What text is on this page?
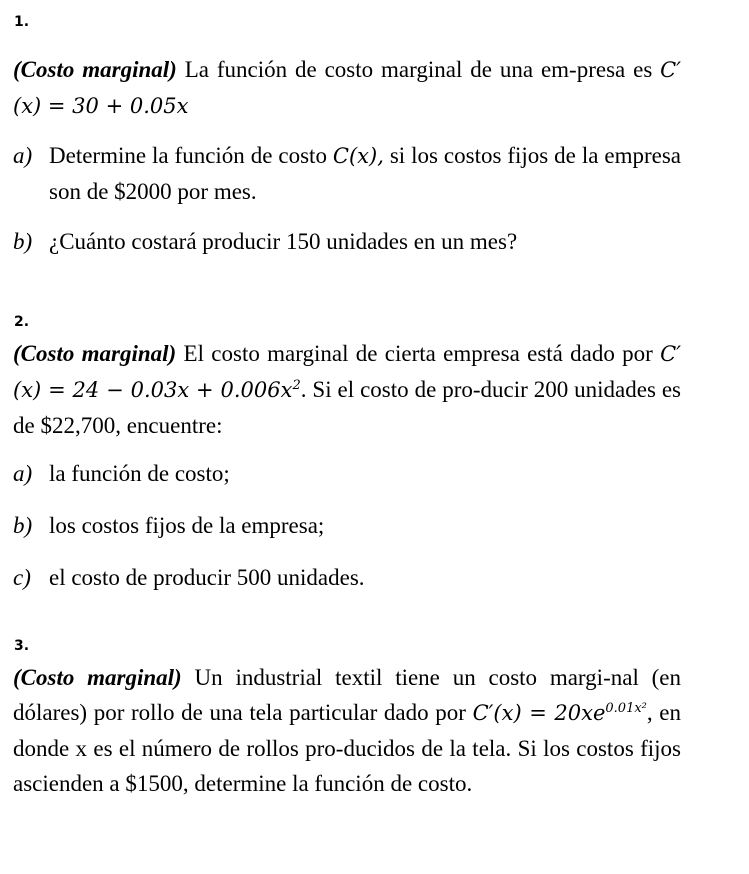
1.
(Costo marginal) La función de costo marginal de una em-presa es C′(x) = 30 + 0.05x
a) Determine la función de costo C(x), si los costos fijos de la empresa son de $2000 por mes.
b) ¿Cuánto costará producir 150 unidades en un mes?
2.
(Costo marginal) El costo marginal de cierta empresa está dado por $C'(x) = 24 - 0.03x + 0.006x^2$. Si el costo de pro-ducir 200 unidades es de $22,700, encuentre:
a) la función de costo;
b) los costos fijos de la empresa;
c) el costo de producir 500 unidades.
3.
(Costo marginal) Un industrial textil tiene un costo margi-nal (en dólares) por rollo de una tela particular dado por $C'(x) = 20xe^{0.01x^2}$, en donde x es el número de rollos pro-ducidos de la tela. Si los costos fijos ascienden a $1500, determine la función de costo.
